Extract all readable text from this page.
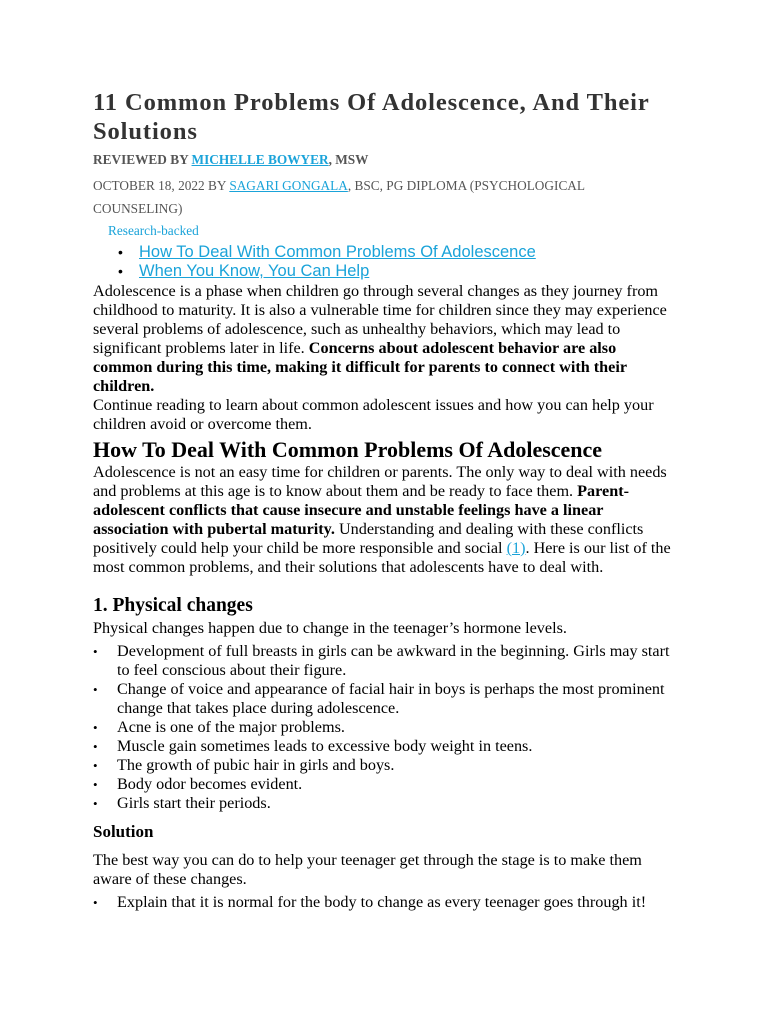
11 Common Problems Of Adolescence, And Their Solutions
REVIEWED BY MICHELLE BOWYER, MSW
OCTOBER 18, 2022 BY SAGARI GONGALA, BSC, PG DIPLOMA (PSYCHOLOGICAL COUNSELING)
Research-backed
• How To Deal With Common Problems Of Adolescence
• When You Know, You Can Help

Adolescence is a phase when children go through several changes as they journey from childhood to maturity. It is also a vulnerable time for children since they may experience several problems of adolescence, such as unhealthy behaviors, which may lead to significant problems later in life. Concerns about adolescent behavior are also common during this time, making it difficult for parents to connect with their children.

Continue reading to learn about common adolescent issues and how you can help your children avoid or overcome them.

How To Deal With Common Problems Of Adolescence

Adolescence is not an easy time for children or parents. The only way to deal with needs and problems at this age is to know about them and be ready to face them. Parent-adolescent conflicts that cause insecure and unstable feelings have a linear association with pubertal maturity. Understanding and dealing with these conflicts positively could help your child be more responsible and social (1). Here is our list of the most common problems, and their solutions that adolescents have to deal with.

1. Physical changes

Physical changes happen due to change in the teenager’s hormone levels.

• Development of full breasts in girls can be awkward in the beginning. Girls may start to feel conscious about their figure.
• Change of voice and appearance of facial hair in boys is perhaps the most prominent change that takes place during adolescence.
• Acne is one of the major problems.
• Muscle gain sometimes leads to excessive body weight in teens.
• The growth of pubic hair in girls and boys.
• Body odor becomes evident.
• Girls start their periods.
Solution

The best way you can do to help your teenager get through the stage is to make them aware of these changes.

• Explain that it is normal for the body to change as every teenager goes through it!
